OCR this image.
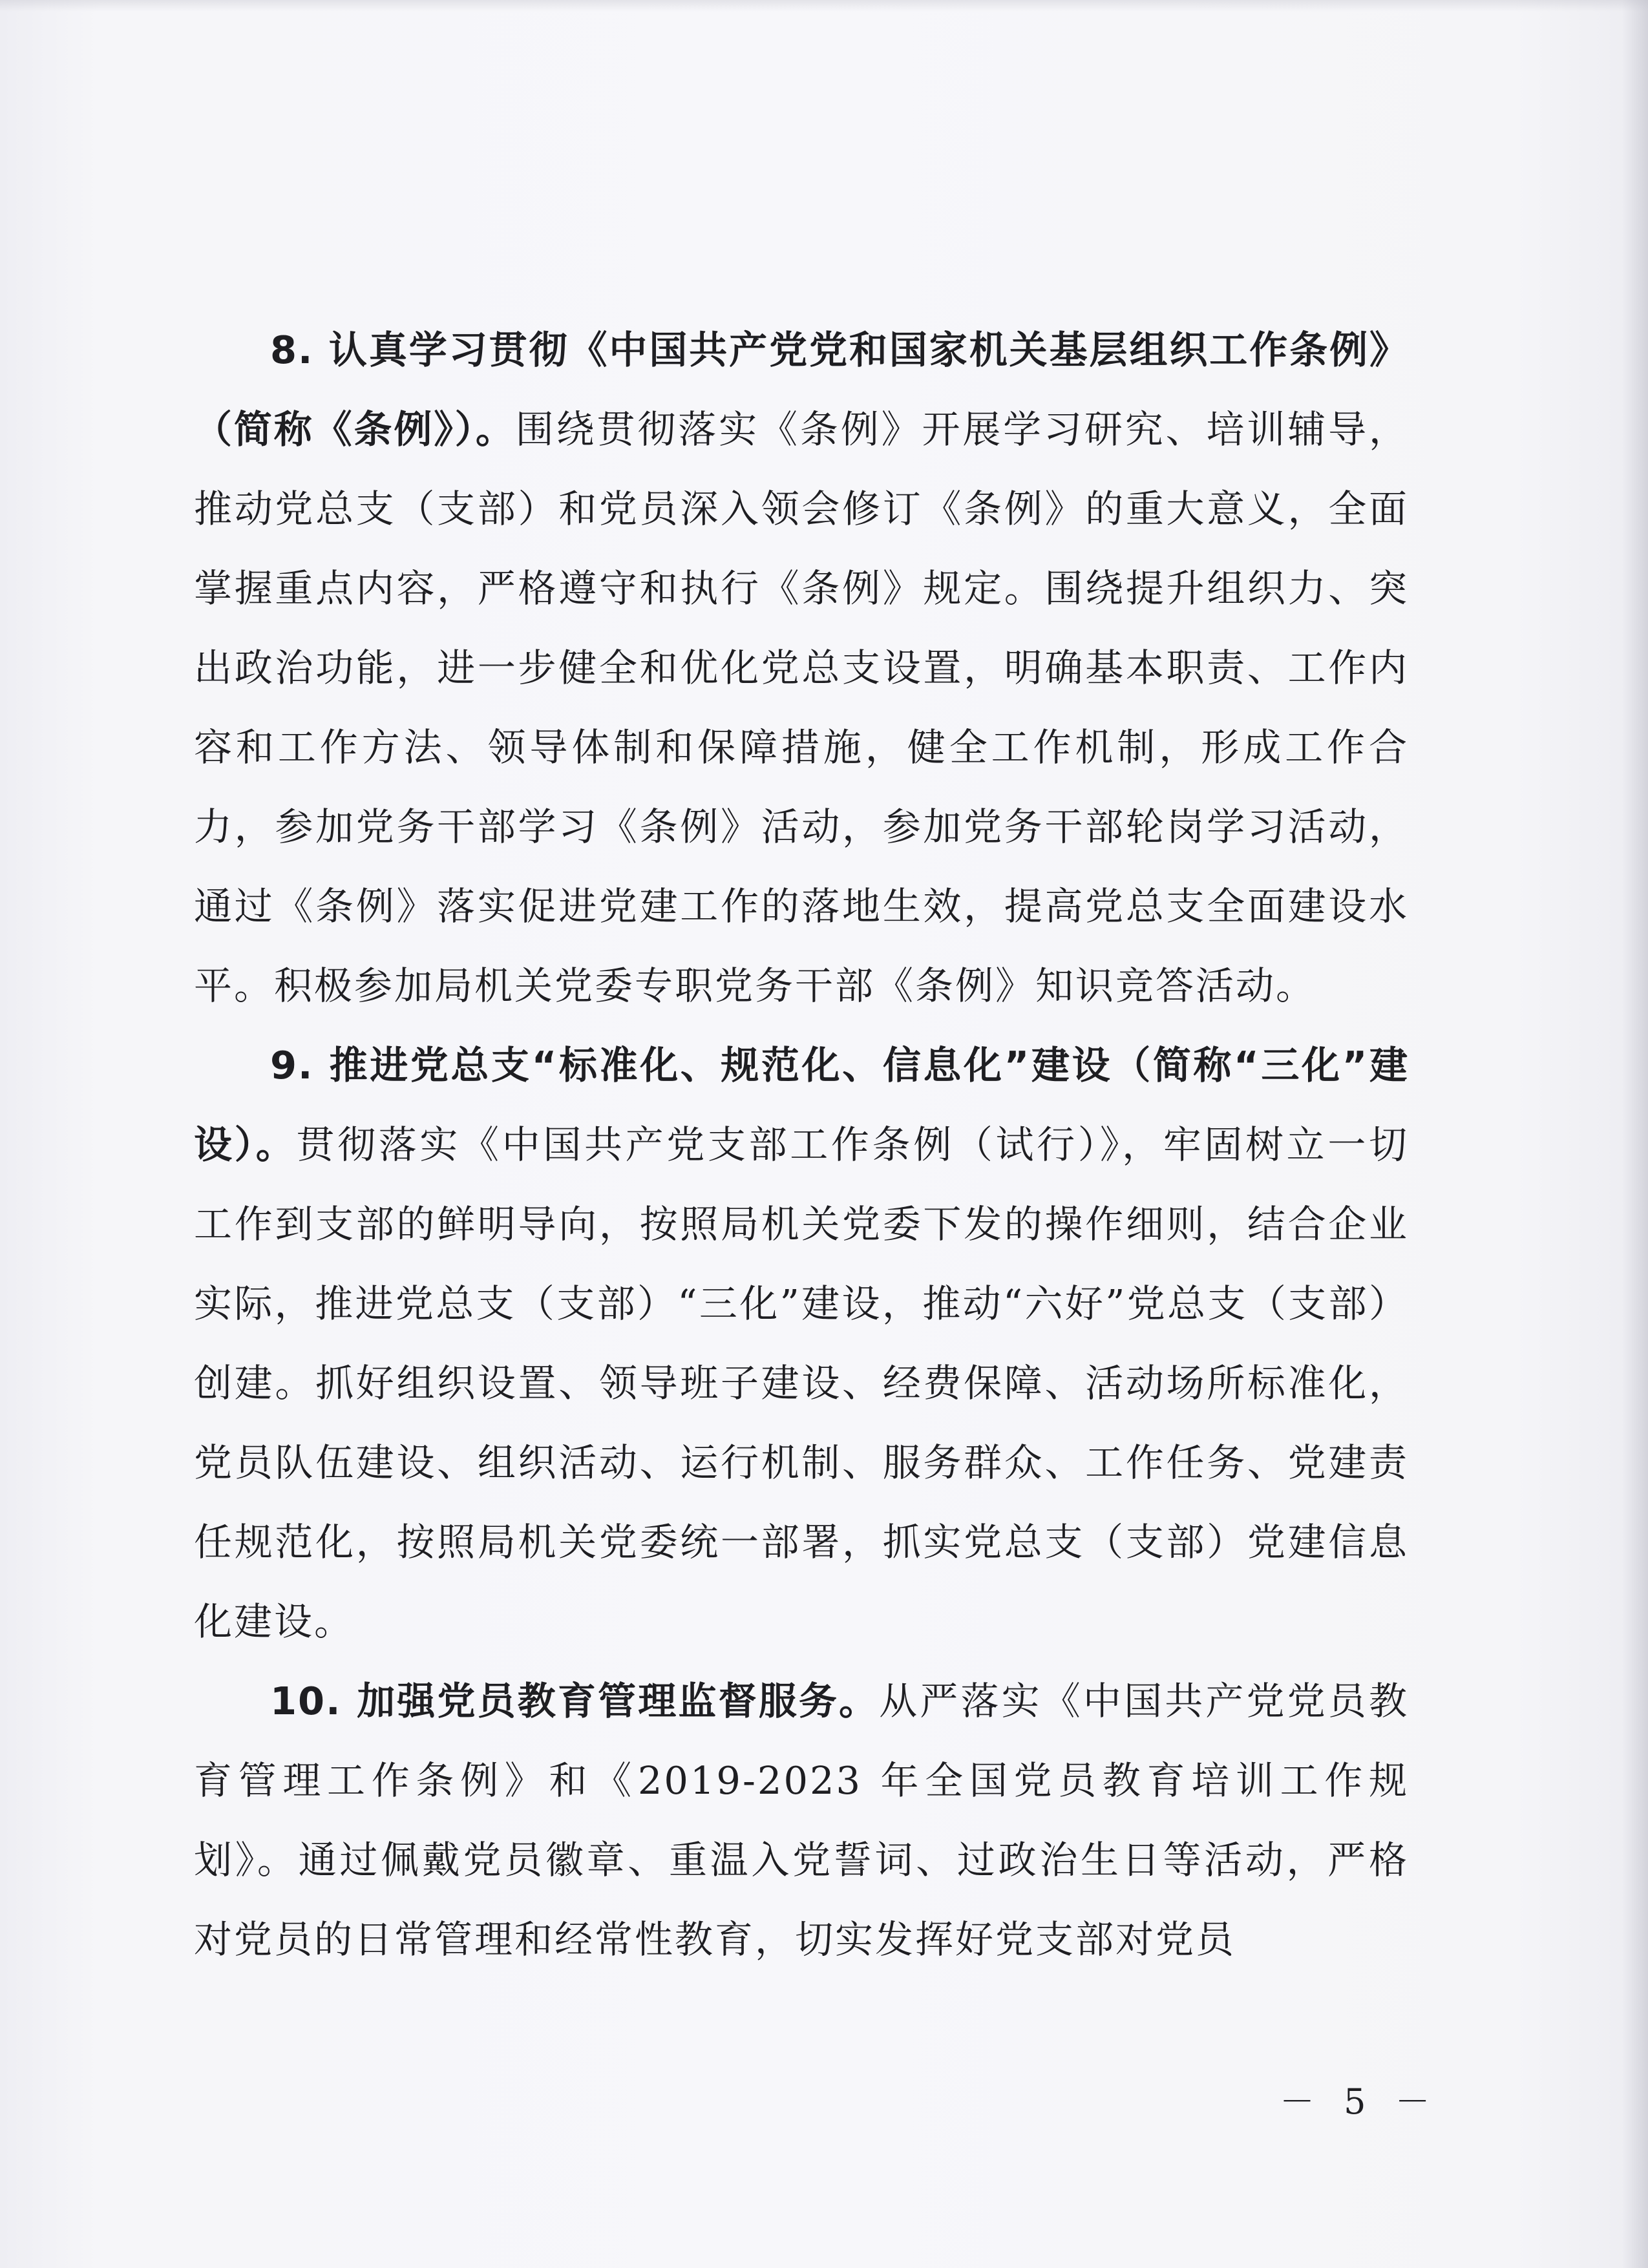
8. 认真学习贯彻《中国共产党党和国家机关基层组织工作条例》（简称《条例》）。围绕贯彻落实《条例》开展学习研究、培训辅导，推动党总支（支部）和党员深入领会修订《条例》的重大意义，全面掌握重点内容，严格遵守和执行《条例》规定。围绕提升组织力、突出政治功能，进一步健全和优化党总支设置，明确基本职责、工作内容和工作方法、领导体制和保障措施，健全工作机制，形成工作合力，参加党务干部学习《条例》活动，参加党务干部轮岗学习活动，通过《条例》落实促进党建工作的落地生效，提高党总支全面建设水平。积极参加局机关党委专职党务干部《条例》知识竞答活动。

9. 推进党总支“标准化、规范化、信息化”建设（简称“三化”建设）。贯彻落实《中国共产党支部工作条例（试行）》，牢固树立一切工作到支部的鲜明导向，按照局机关党委下发的操作细则，结合企业实际，推进党总支（支部）“三化”建设，推动“六好”党总支（支部）创建。抓好组织设置、领导班子建设、经费保障、活动场所标准化，党员队伍建设、组织活动、运行机制、服务群众、工作任务、党建责任规范化，按照局机关党委统一部署，抓实党总支（支部）党建信息化建设。

10. 加强党员教育管理监督服务。从严落实《中国共产党党员教育管理工作条例》和《2019-2023 年全国党员教育培训工作规划》。通过佩戴党员徽章、重温入党誓词、过政治生日等活动，严格对党员的日常管理和经常性教育，切实发挥好党支部对党员

－ 5 －
